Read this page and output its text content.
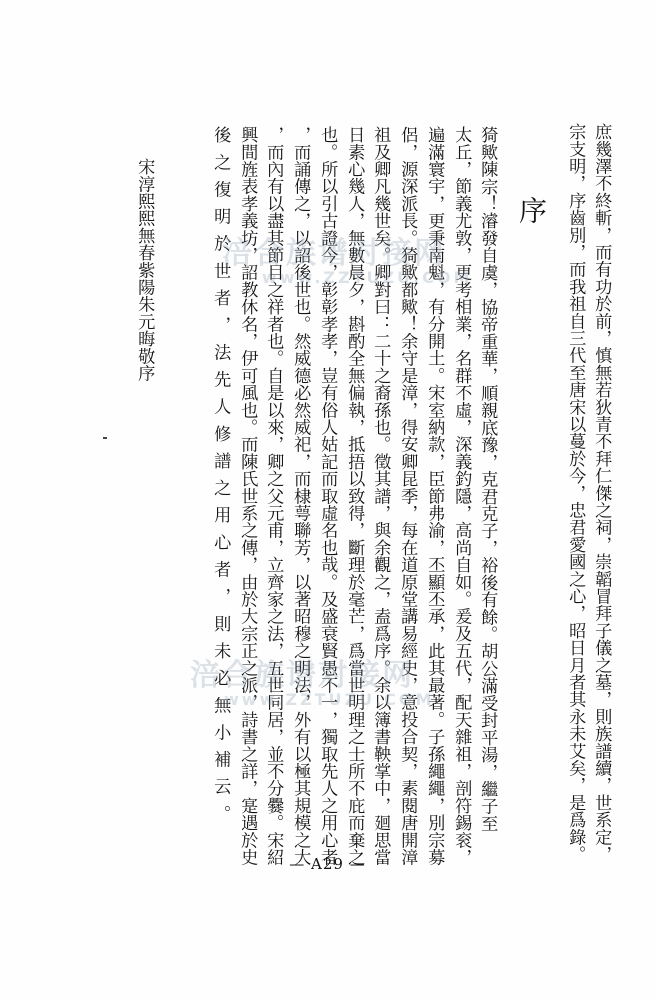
序	庶幾澤不終斬，而有功於前，慎無若狄青不拜仁傑之祠，崇韜冒拜子儀之墓，則族譜續，世系定，
宗支明，序齒別，而我祖自三代至唐宋以蔓於今，忠君愛國之心，昭日月者其永未艾矣，是爲錄。
猗歟陳宗！濬發自虞，協帝重華，順親底豫，克君克子，裕後有餘。胡公滿受封平湯，繼子至
太丘，節義尤敦，更考相業，名群不虛，深義釣隱，高尚自如。爰及五代，配天雜祖，剖符錫衮，
遍滿寰宇，更秉南魁，有分開土。宋室納款，臣節弗渝，丕顯丕承，此其最著。子孫繩繩，別宗募
侶，源深派長。猗歟都歟！余守是漳，得安卿昆季，每在道原堂講易經史，意投合契，素閱唐開漳
祖及卿凡幾世矣。卿對曰：二十之裔孫也。徵其譜，與余觀之，盍爲序。余以簿書鞅掌中，廻思當
日素心幾人，無數晨夕，斟酌全無偏執，抵捂以致得，斷理於毫芒，爲當世明理之士所不庇而棄之
也。所以引古證今，彰彰孝孝，豈有俗人姑記而取虛名也哉。及盛衰賢愚不一，獨取先人之用心者
，而誦傳之，以詔後世也。然威德必然威祀，而棣萼聯芳，以著昭穆之明法，外有以極其規模之大
，而內有以盡其節目之祥者也。自是以來，卿之父元甫，立齊家之法，五世同居，並不分爨。宋紹
興間旌表孝義坊，詔教休名，伊可風也。而陳氏世系之傳，由於大宗正之派，詩書之詳，寔遇於史
後之復明於世者，法先人修譜之用心者，則未必無小補云。
宋淳熙熙無春紫陽朱元晦敬序
— A29 —
涪合族谱对接网
www.ZZTUZU.COM
涪合族谱对接网
www.ZZTUZU.COM
